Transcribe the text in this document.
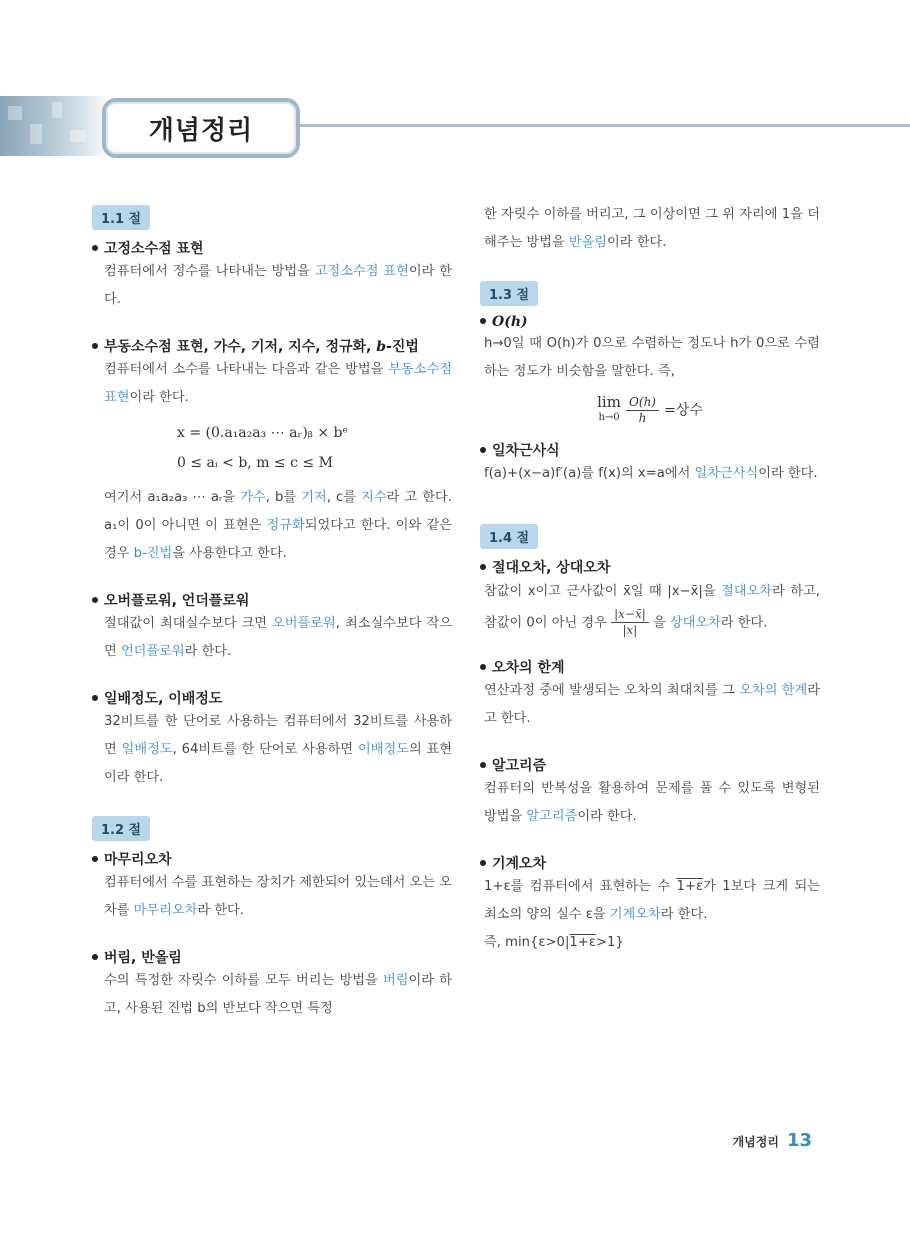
개념정리
1.1 절

고정소수점 표현

컴퓨터에서 정수를 나타내는 방법을 고정소수점 표현이라 한다.

부동소수점 표현, 가수, 기저, 지수, 정규화, b-진법

컴퓨터에서 소수를 나타내는 다음과 같은 방법을 부동소수점 표현이라 한다.

x = (0.a₁a₂a₃ ⋯ aᵣ)ᵦ × bᵉ
0 ≤ aᵢ < b, m ≤ c ≤ M

여기서 a₁a₂a₃ ⋯ aᵣ을 가수, b를 기저, c를 지수라 고 한다. a₁이 0이 아니면 이 표현은 정규화되었다고 한다. 이와 같은 경우 b-진법을 사용한다고 한다.

오버플로워, 언더플로워

절대값이 최대실수보다 크면 오버플로워, 최소실수보다 작으면 언더플로워라 한다.

일배정도, 이배정도

32비트를 한 단어로 사용하는 컴퓨터에서 32비트를 사용하면 일배정도, 64비트를 한 단어로 사용하면 이배정도의 표현이라 한다.

1.2 절

마무리오차

컴퓨터에서 수를 표현하는 장치가 제한되어 있는데서 오는 오차를 마무리오차라 한다.

버림, 반올림

수의 특정한 자릿수 이하를 모두 버리는 방법을 버림이라 하고, 사용된 진법 b의 반보다 작으면 특정

한 자릿수 이하를 버리고, 그 이상이면 그 위 자리에 1을 더해주는 방법을 반올림이라 한다.

1.3 절

O(h)

h→0일 때 O(h)가 0으로 수렴하는 정도나 h가 0으로 수렴하는 정도가 비슷함을 말한다. 즉,

lim
h→0
$\frac{O(h)}{h}$ =상수

일차근사식

f(a)+(x−a)f′(a)를 f(x)의 x=a에서 일차근사식이라 한다.

1.4 절

절대오차, 상대오차

참값이 x이고 근사값이 x̄일 때 |x−x̄|을 절대오차라 하고, 참값이 0이 아닌 경우 $\frac{|x-x̄|}{|x|}$ 을 상대오차라 한다.

오차의 한계

연산과정 중에 발생되는 오차의 최대치를 그 오차의 한계라고 한다.

알고리즘

컴퓨터의 반복성을 활용하여 문제를 풀 수 있도록 변형된 방법을 알고리즘이라 한다.

기계오차

1+ε를 컴퓨터에서 표현하는 수 1+ε가 1보다 크게 되는 최소의 양의 실수 ε을 기계오차라 한다.
즉, min{ε>0|1+ε>1}

개념정리 13
